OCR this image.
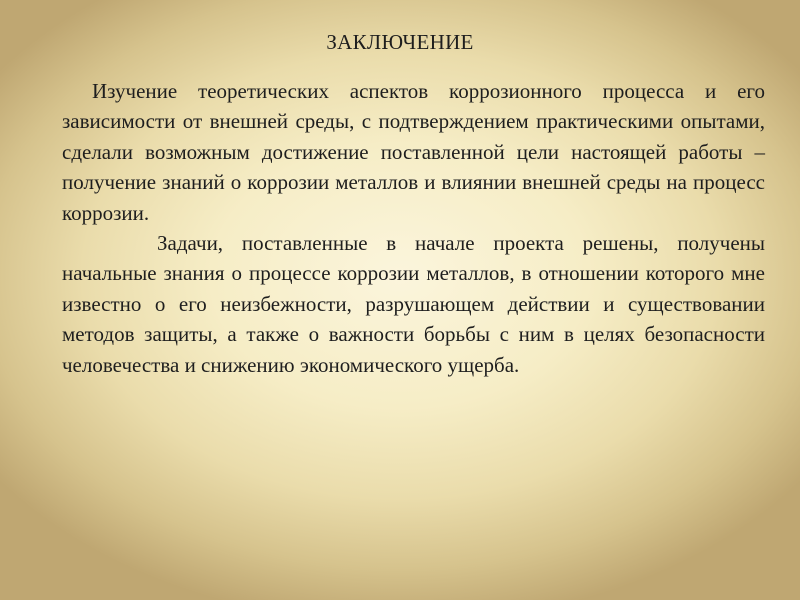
ЗАКЛЮЧЕНИЕ

Изучение теоретических аспектов коррозионного процесса и его зависимости от внешней среды, с подтверждением практическими опытами, сделали возможным достижение поставленной цели настоящей работы – получение знаний о коррозии металлов и влиянии внешней среды на процесс коррозии.

Задачи, поставленные в начале проекта решены, получены начальные знания о процессе коррозии металлов, в отношении которого мне известно о его неизбежности, разрушающем действии и существовании методов защиты, а также о важности борьбы с ним в целях безопасности человечества и снижению экономического ущерба.
